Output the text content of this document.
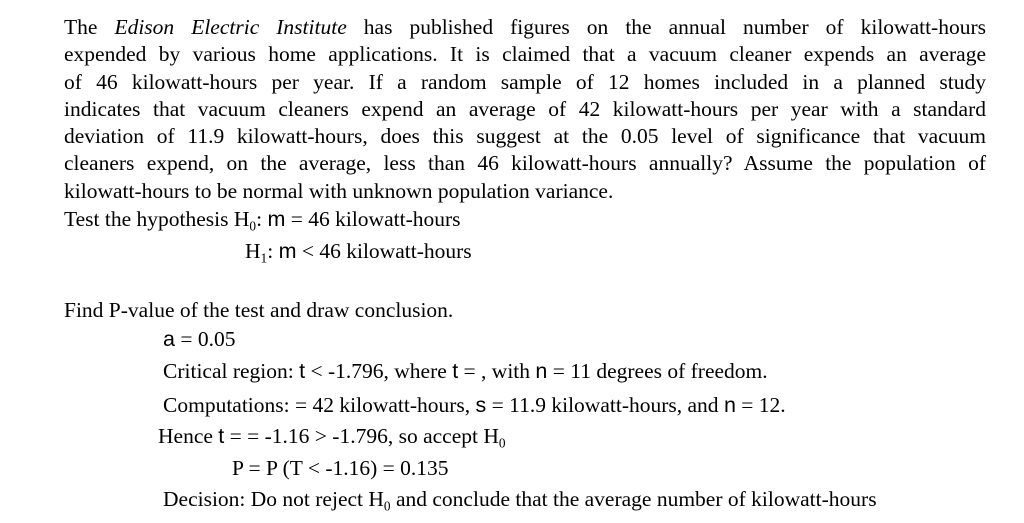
The Edison Electric Institute has published figures on the annual number of kilowatt-hours
expended by various home applications. It is claimed that a vacuum cleaner expends an average
of 46 kilowatt-hours per year. If a random sample of 12 homes included in a planned study
indicates that vacuum cleaners expend an average of 42 kilowatt-hours per year with a standard
deviation of 11.9 kilowatt-hours, does this suggest at the 0.05 level of significance that vacuum
cleaners expend, on the average, less than 46 kilowatt-hours annually? Assume the population of
kilowatt-hours to be normal with unknown population variance.
Test the hypothesis $H_0$: m = 46 kilowatt-hours
$H_1$: m < 46 kilowatt-hours
Find P-value of the test and draw conclusion.
a = 0.05
Critical region: t < -1.796, where t = , with n = 11 degrees of freedom.
Computations: = 42 kilowatt-hours, s = 11.9 kilowatt-hours, and n = 12.
Hence t = = -1.16 > -1.796, so accept $H_0$
P = P (T < -1.16) = 0.135
Decision: Do not reject $H_0$ and conclude that the average number of kilowatt-hours
